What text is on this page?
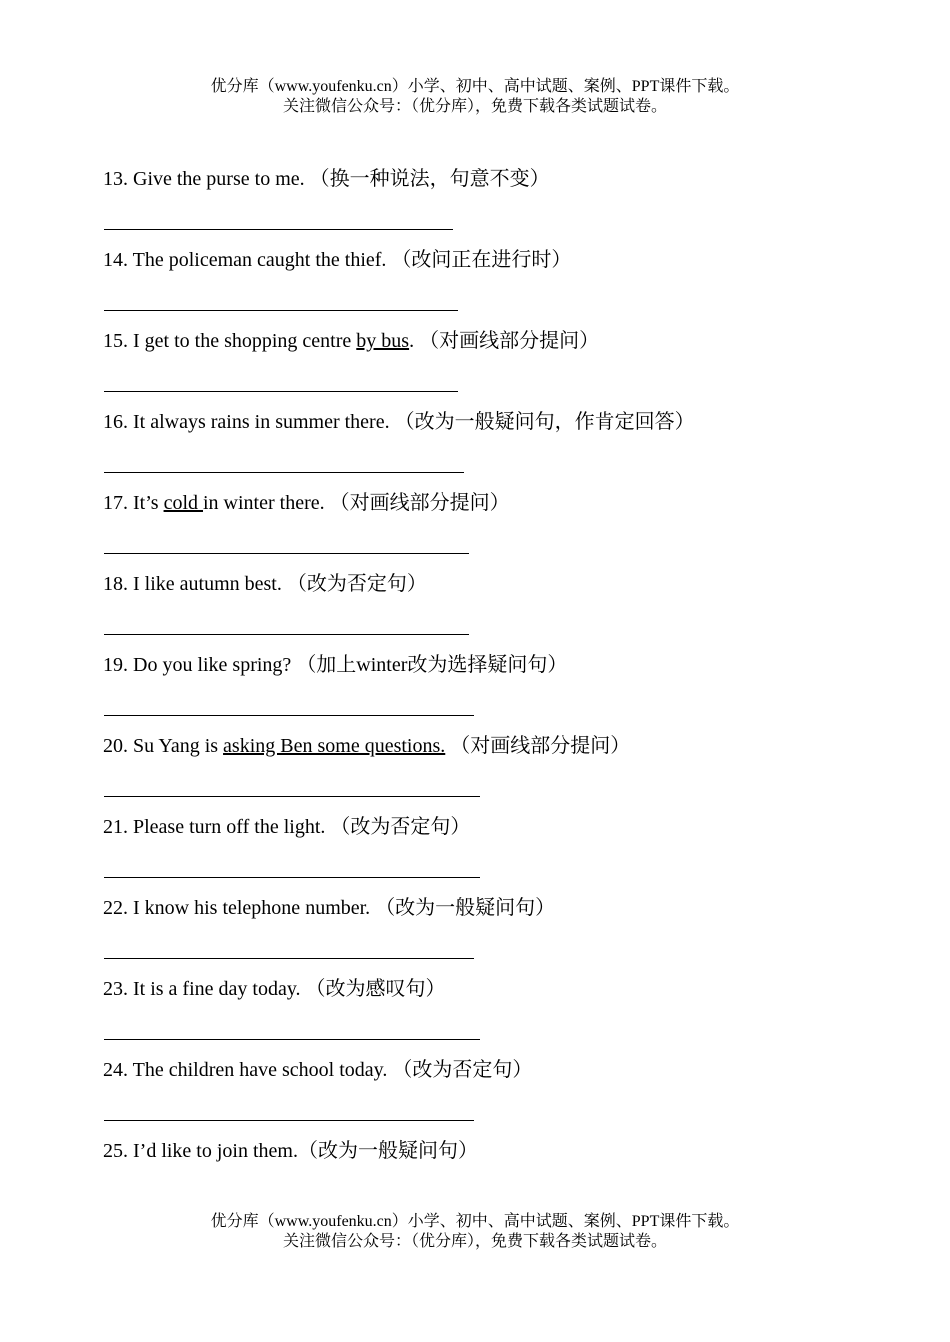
优分库（www.youfenku.cn）小学、初中、高中试题、案例、PPT课件下载。
关注微信公众号：（优分库），免费下载各类试题试卷。
13. Give the purse to me. （换一种说法，句意不变）
14. The policeman caught the thief. （改问正在进行时）
15. I get to the shopping centre by bus. （对画线部分提问）
16. It always rains in summer there. （改为一般疑问句，作肯定回答）
17. It’s cold in winter there. （对画线部分提问）
18. I like autumn best. （改为否定句）
19. Do you like spring? （加上winter改为选择疑问句）
20. Su Yang is asking Ben some questions. （对画线部分提问）
21. Please turn off the light. （改为否定句）
22. I know his telephone number. （改为一般疑问句）
23. It is a fine day today. （改为感叹句）
24. The children have school today. （改为否定句）
25. I’d like to join them.（改为一般疑问句）
优分库（www.youfenku.cn）小学、初中、高中试题、案例、PPT课件下载。
关注微信公众号：（优分库），免费下载各类试题试卷。
